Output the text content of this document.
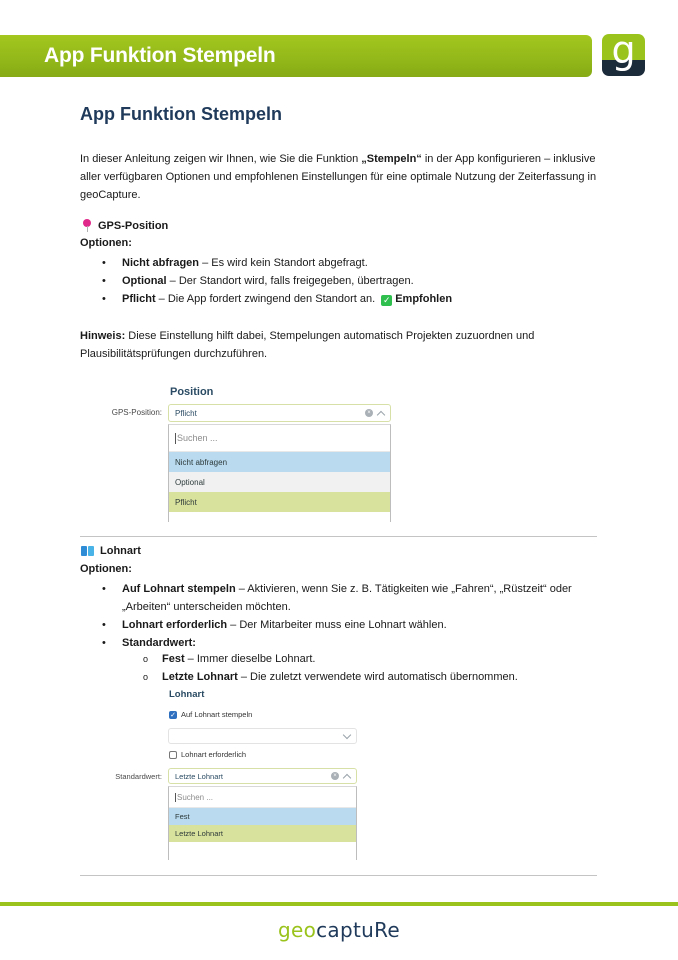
App Funktion Stempeln	g
App Funktion Stempeln
In dieser Anleitung zeigen wir Ihnen, wie Sie die Funktion „Stempeln“ in der App konfigurieren – inklusive aller verfügbaren Optionen und empfohlenen Einstellungen für eine optimale Nutzung der Zeiterfassung in geoCapture.
GPS-Position
Optionen:
• Nicht abfragen – Es wird kein Standort abgefragt.
• Optional – Der Standort wird, falls freigegeben, übertragen.
• Pflicht – Die App fordert zwingend den Standort an. ✓ Empfohlen
Hinweis: Diese Einstellung hilft dabei, Stempelungen automatisch Projekten zuzuordnen und Plausibilitätsprüfungen durchzuführen.
Position
GPS-Position: Pflicht	×
Suchen ...
Nicht abfragen
Optional
Pflicht
Lohnart
Optionen:
• Auf Lohnart stempeln – Aktivieren, wenn Sie z. B. Tätigkeiten wie „Fahren“, „Rüstzeit“ oder „Arbeiten“ unterscheiden möchten.
• Lohnart erforderlich – Der Mitarbeiter muss eine Lohnart wählen.
• Standardwert:
o Fest – Immer dieselbe Lohnart.
o Letzte Lohnart – Die zuletzt verwendete wird automatisch übernommen.
Lohnart
✓ Auf Lohnart stempeln
Lohnart erforderlich
Standardwert: Letzte Lohnart	×
Suchen ...
Fest
Letzte Lohnart
geocaptuRe
